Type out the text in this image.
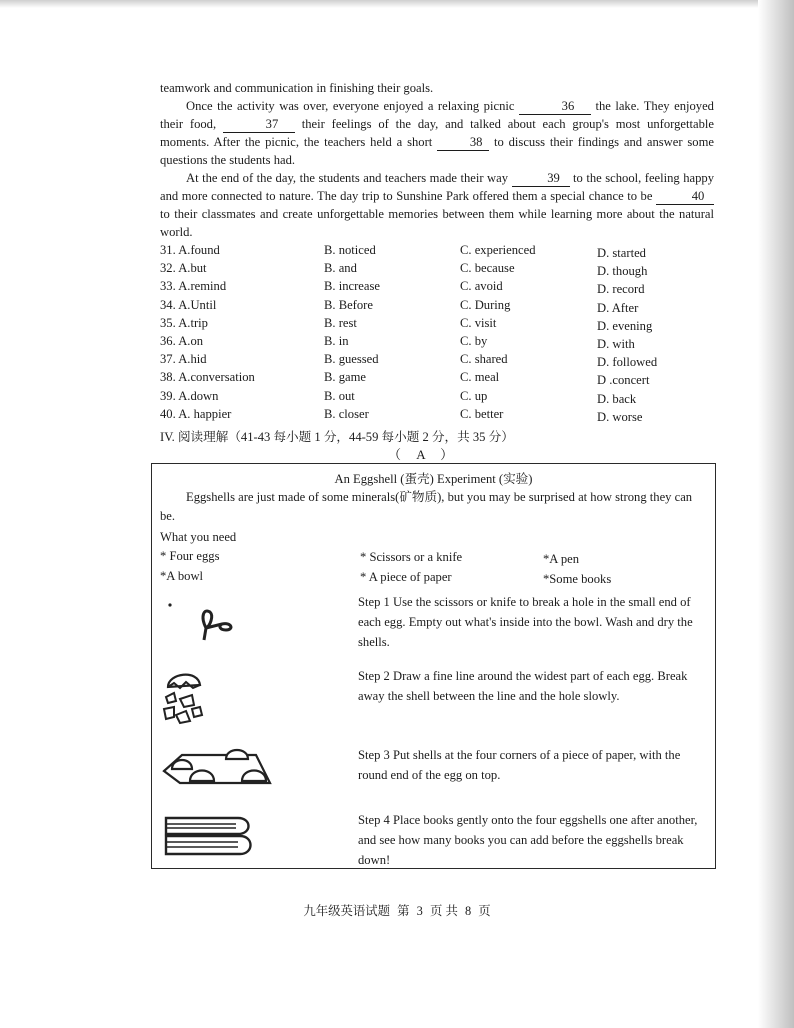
teamwork and communication in finishing their goals.

Once the activity was over, everyone enjoyed a relaxing picnic	36 the lake. They enjoyed their food,	37 their feelings of the day, and talked about each group's most unforgettable moments. After the picnic, the teachers held a short	38 to discuss their findings and answer some questions the students had.

At the end of the day, the students and teachers made their way	39 to the school, feeling happy and more connected to nature. The day trip to Sunshine Park offered them a special chance to be	40 to their classmates and create unforgettable memories between them while learning more about the natural world.

31. A.found	B. noticed	C. experienced	D. started
32. A.but	B. and	C. because	D. though
33. A.remind	B. increase	C. avoid	D. record
34. A.Until	B. Before	C. During	D. After
35. A.trip	B. rest	C. visit	D. evening
36. A.on	B. in	C. by	D. with
37. A.hid	B. guessed	C. shared	D. followed
38. A.conversation	B. game	C. meal	D .concert
39. A.down	B. out	C. up	D. back
40. A. happier	B. closer	C. better	D. worse
IV. 阅读理解（41-43 每小题 1 分，44-59 每小题 2 分，共 35 分）
（ A ）
An Eggshell (蛋壳) Experiment (实验)
Eggshells are just made of some minerals(矿物质), but you may be surprised at how strong they can be.
What you need
* Four eggs	* Scissors or a knife	*A pen
*A bowl	* A piece of paper	*Some books
Step 1 Use the scissors or knife to break a hole in the small end of each egg. Empty out what's inside into the bowl. Wash and dry the shells.
Step 2 Draw a fine line around the widest part of each egg. Break away the shell between the line and the hole slowly.
Step 3 Put shells at the four corners of a piece of paper, with the round end of the egg on top.
Step 4 Place books gently onto the four eggshells one after another, and see how many books you can add before the eggshells break down!
九年级英语试题 第 3 页 共 8 页
